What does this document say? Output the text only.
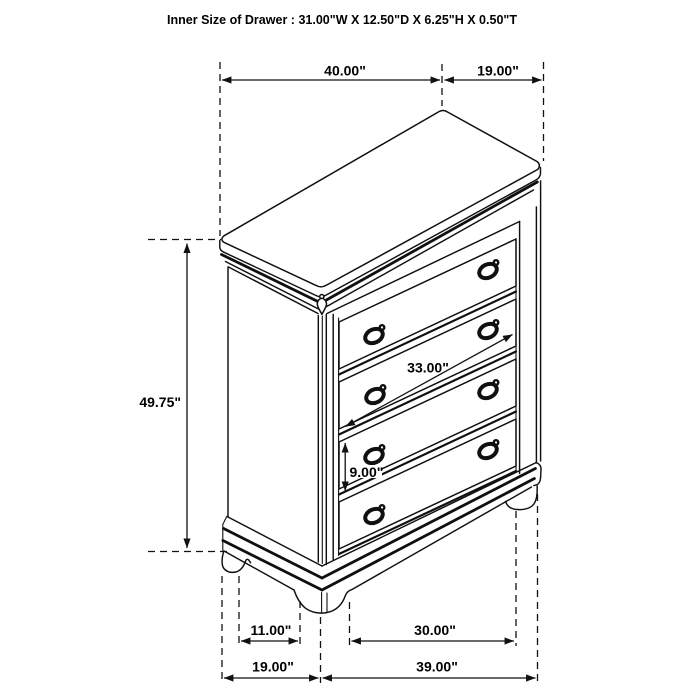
40.00"	19.00"
49.75"
33.00"
9.00"
11.00"	30.00"
19.00"	39.00"
Inner Size of Drawer : 31.00"W X 12.50"D X 6.25"H X 0.50"T
